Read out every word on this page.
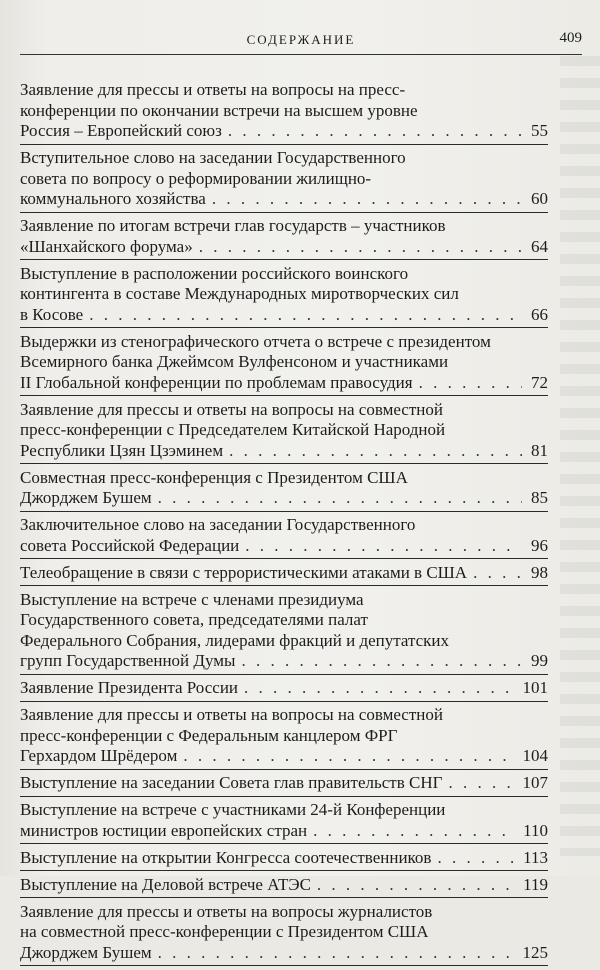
СОДЕРЖАНИЕ	409
Заявление для прессы и ответы на вопросы на пресс-
конференции по окончании встречи на высшем уровне
Россия – Европейский союз . . .	55
Вступительное слово на заседании Государственного
совета по вопросу о реформировании жилищно-
коммунального хозяйства . . .	60
Заявление по итогам встречи глав государств – участников
«Шанхайского форума» . . .	64
Выступление в расположении российского воинского
контингента в составе Международных миротворческих сил
в Косове . . .	66
Выдержки из стенографического отчета о встрече с президентом
Всемирного банка Джеймсом Вулфенсоном и участниками
II Глобальной конференции по проблемам правосудия . . .	72
Заявление для прессы и ответы на вопросы на совместной
пресс-конференции с Председателем Китайской Народной
Республики Цзян Цзэминем . . .	81
Совместная пресс-конференция с Президентом США
Джорджем Бушем . . .	85
Заключительное слово на заседании Государственного
совета Российской Федерации . . .	96
Телеобращение в связи с террористическими атаками в США . . .	98
Выступление на встрече с членами президиума
Государственного совета, председателями палат
Федерального Собрания, лидерами фракций и депутатских
групп Государственной Думы . . .	99
Заявление Президента России . . .	101
Заявление для прессы и ответы на вопросы на совместной
пресс-конференции с Федеральным канцлером ФРГ
Герхардом Шрёдером . . .	104
Выступление на заседании Совета глав правительств СНГ . . .	107
Выступление на встрече с участниками 24-й Конференции
министров юстиции европейских стран . . .	110
Выступление на открытии Конгресса соотечественников . . .	113
Выступление на Деловой встрече АТЭС . . .	119
Заявление для прессы и ответы на вопросы журналистов
на совместной пресс-конференции с Президентом США
Джорджем Бушем . . .	125
